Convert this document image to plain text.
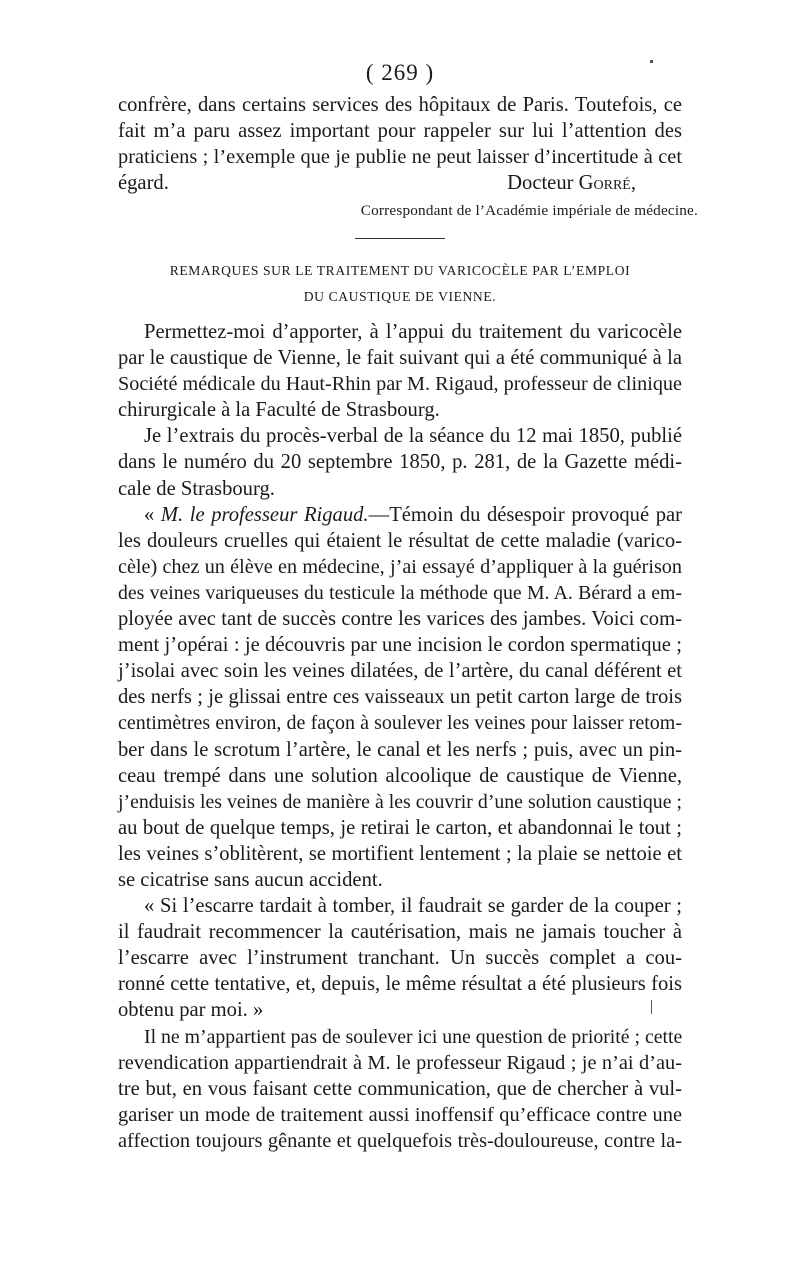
( 269 )
confrère, dans certains services des hôpitaux de Paris. Toutefois, ce
fait m’a paru assez important pour rappeler sur lui l’attention des
praticiens ; l’exemple que je publie ne peut laisser d’incertitude à cet
égard.	Docteur Gorré,
Correspondant de l’Académie impériale de médecine.
REMARQUES SUR LE TRAITEMENT DU VARICOCÈLE PAR L’EMPLOI
DU CAUSTIQUE DE VIENNE.
Permettez-moi d’apporter, à l’appui du traitement du varicocèle
par le caustique de Vienne, le fait suivant qui a été communiqué à la
Société médicale du Haut-Rhin par M. Rigaud, professeur de clinique
chirurgicale à la Faculté de Strasbourg.
Je l’extrais du procès-verbal de la séance du 12 mai 1850, publié
dans le numéro du 20 septembre 1850, p. 281, de la Gazette médi-
cale de Strasbourg.
« M. le professeur Rigaud.—Témoin du désespoir provoqué par
les douleurs cruelles qui étaient le résultat de cette maladie (varico-
cèle) chez un élève en médecine, j’ai essayé d’appliquer à la guérison
des veines variqueuses du testicule la méthode que M. A. Bérard a em-
ployée avec tant de succès contre les varices des jambes. Voici com-
ment j’opérai : je découvris par une incision le cordon spermatique ;
j’isolai avec soin les veines dilatées, de l’artère, du canal déférent et
des nerfs ; je glissai entre ces vaisseaux un petit carton large de trois
centimètres environ, de façon à soulever les veines pour laisser retom-
ber dans le scrotum l’artère, le canal et les nerfs ; puis, avec un pin-
ceau trempé dans une solution alcoolique de caustique de Vienne,
j’enduisis les veines de manière à les couvrir d’une solution caustique ;
au bout de quelque temps, je retirai le carton, et abandonnai le tout ;
les veines s’oblitèrent, se mortifient lentement ; la plaie se nettoie et
se cicatrise sans aucun accident.
« Si l’escarre tardait à tomber, il faudrait se garder de la couper ;
il faudrait recommencer la cautérisation, mais ne jamais toucher à
l’escarre avec l’instrument tranchant. Un succès complet a cou-
ronné cette tentative, et, depuis, le même résultat a été plusieurs fois
obtenu par moi. »
Il ne m’appartient pas de soulever ici une question de priorité ; cette
revendication appartiendrait à M. le professeur Rigaud ; je n’ai d’au-
tre but, en vous faisant cette communication, que de chercher à vul-
gariser un mode de traitement aussi inoffensif qu’efficace contre une
affection toujours gênante et quelquefois très-douloureuse, contre la-
